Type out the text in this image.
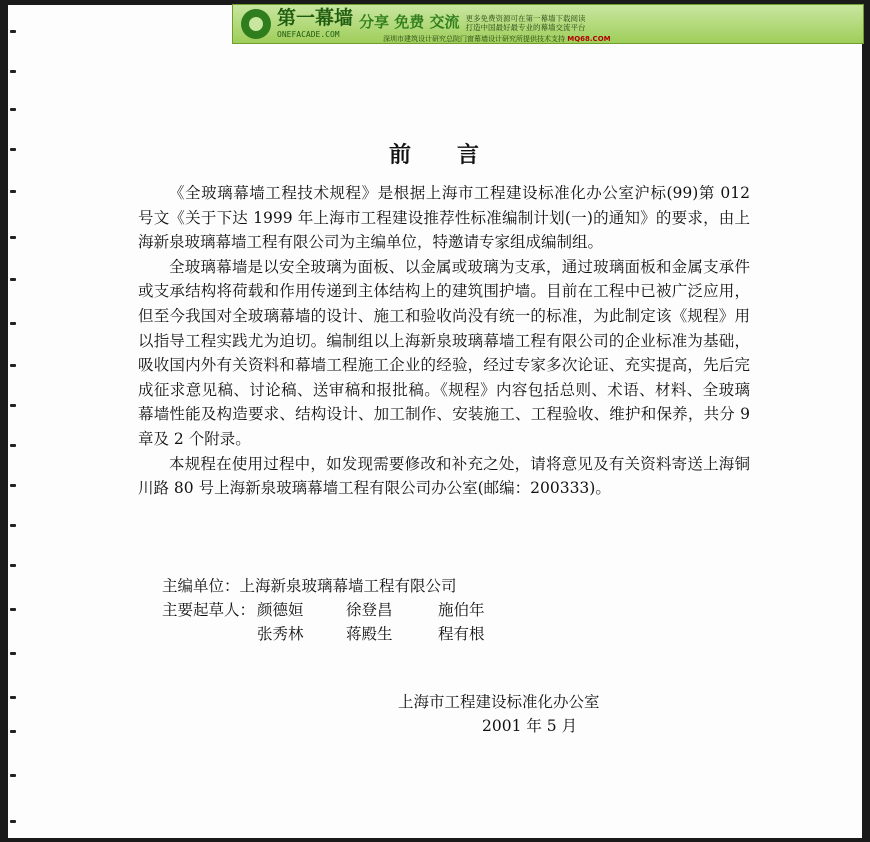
第一幕墙
ONEFACADE.COM
分享 免费 交流 更多免费资源可在第一幕墙下载阅读
打造中国最好最专业的幕墙交流平台
深圳市建筑设计研究总院门窗幕墙设计研究所提供技术支持 MQ68.COM
前 言

《全玻璃幕墙工程技术规程》是根据上海市工程建设标准化办公室沪标(99)第 012 号文《关于下达 1999 年上海市工程建设推荐性标准编制计划(一)的通知》的要求，由上海新泉玻璃幕墙工程有限公司为主编单位，特邀请专家组成编制组。

全玻璃幕墙是以安全玻璃为面板、以金属或玻璃为支承，通过玻璃面板和金属支承件或支承结构将荷载和作用传递到主体结构上的建筑围护墙。目前在工程中已被广泛应用，但至今我国对全玻璃幕墙的设计、施工和验收尚没有统一的标准，为此制定该《规程》用以指导工程实践尤为迫切。编制组以上海新泉玻璃幕墙工程有限公司的企业标准为基础，吸收国内外有关资料和幕墙工程施工企业的经验，经过专家多次论证、充实提高，先后完成征求意见稿、讨论稿、送审稿和报批稿。《规程》内容包括总则、术语、材料、全玻璃幕墙性能及构造要求、结构设计、加工制作、安装施工、工程验收、维护和保养，共分 9 章及 2 个附录。

本规程在使用过程中，如发现需要修改和补充之处，请将意见及有关资料寄送上海铜川路 80 号上海新泉玻璃幕墙工程有限公司办公室(邮编：200333)。

主编单位：上海新泉玻璃幕墙工程有限公司
主要起草人： 颜德姮	徐登昌	施伯年
张秀林	蒋殿生	程有根
上海市工程建设标准化办公室
2001 年 5 月
